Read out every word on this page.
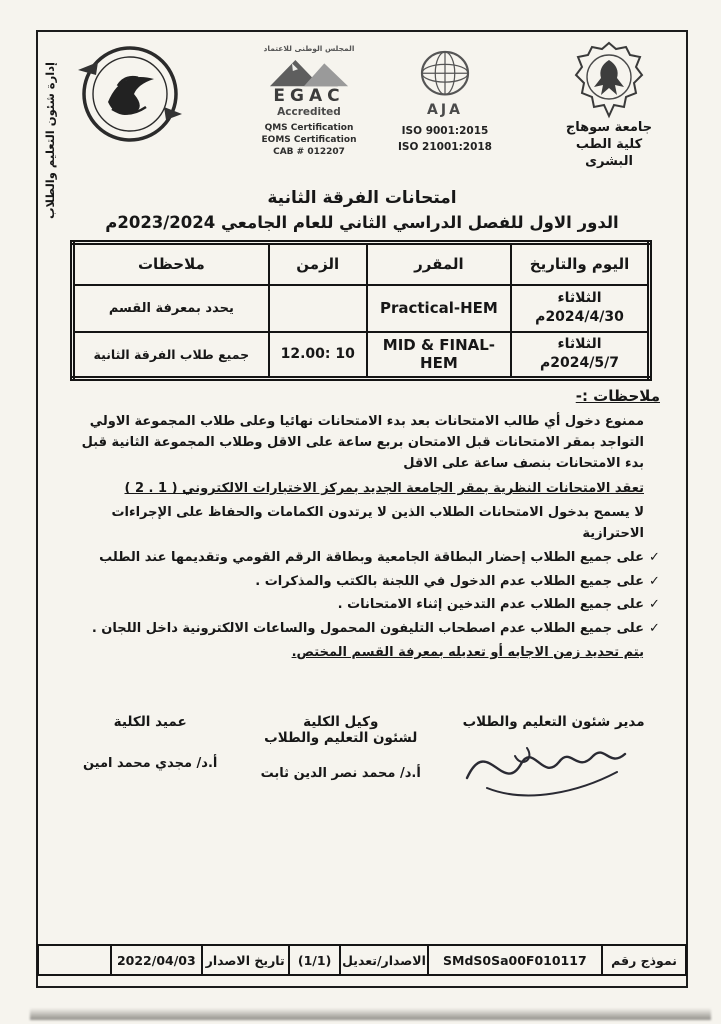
إدارة شئون التعليم والطلاب
المجلس الوطنى للاعتماد
EGAC
Accredited
QMS Certification
EOMS Certification
CAB # 012207
AJA
ISO 9001:2015
ISO 21001:2018
جامعة سوهاج
كلية الطب البشرى
امتحانات الفرقة الثانية
الدور الاول للفصل الدراسي الثاني للعام الجامعي 2023/2024م
اليوم والتاريخ	المقرر	الزمن	ملاحظات

الثلاثاء
2024/4/30م	Practical-HEM		يحدد بمعرفة القسم

الثلاثاء
2024/5/7م	MID & FINAL-HEM	12.00: 10	جميع طلاب الفرقة الثانية
ملاحظات :-
ممنوع دخول أي طالب الامتحانات بعد بدء الامتحانات نهائيا وعلى طلاب المجموعة الاولي التواجد بمقر الامتحانات قبل الامتحان بربع ساعة على الاقل وطلاب المجموعة الثانية قبل بدء الامتحانات بنصف ساعة على الاقل
تعقد الامتحانات النظرية بمقر الجامعة الجديد بمركز الاختبارات الالكتروني ( 1 . 2 )
لا يسمح بدخول الامتحانات الطلاب الذين لا يرتدون الكمامات والحفاظ على الإجراءات الاحترازية
✓
على جميع الطلاب إحضار البطاقة الجامعية وبطاقة الرقم القومي وتقديمها عند الطلب
✓
على جميع الطلاب عدم الدخول في اللجنة بالكتب والمذكرات .
✓
على جميع الطلاب عدم التدخين إثناء الامتحانات .
✓
على جميع الطلاب عدم اصطحاب التليفون المحمول والساعات الالكترونية داخل اللجان .
يتم تحديد زمن الاجابه أو تعديله بمعرفة القسم المختص.
مدير شئون التعليم والطلاب
وكيل الكلية
لشئون التعليم والطلاب
أ.د/ محمد نصر الدين ثابت
عميد الكلية
أ.د/ مجدي محمد امين
نموذج رقم
SMdS0Sa00F010117
الاصدار/تعديل
(1/1)
تاريخ الاصدار
2022/04/03
